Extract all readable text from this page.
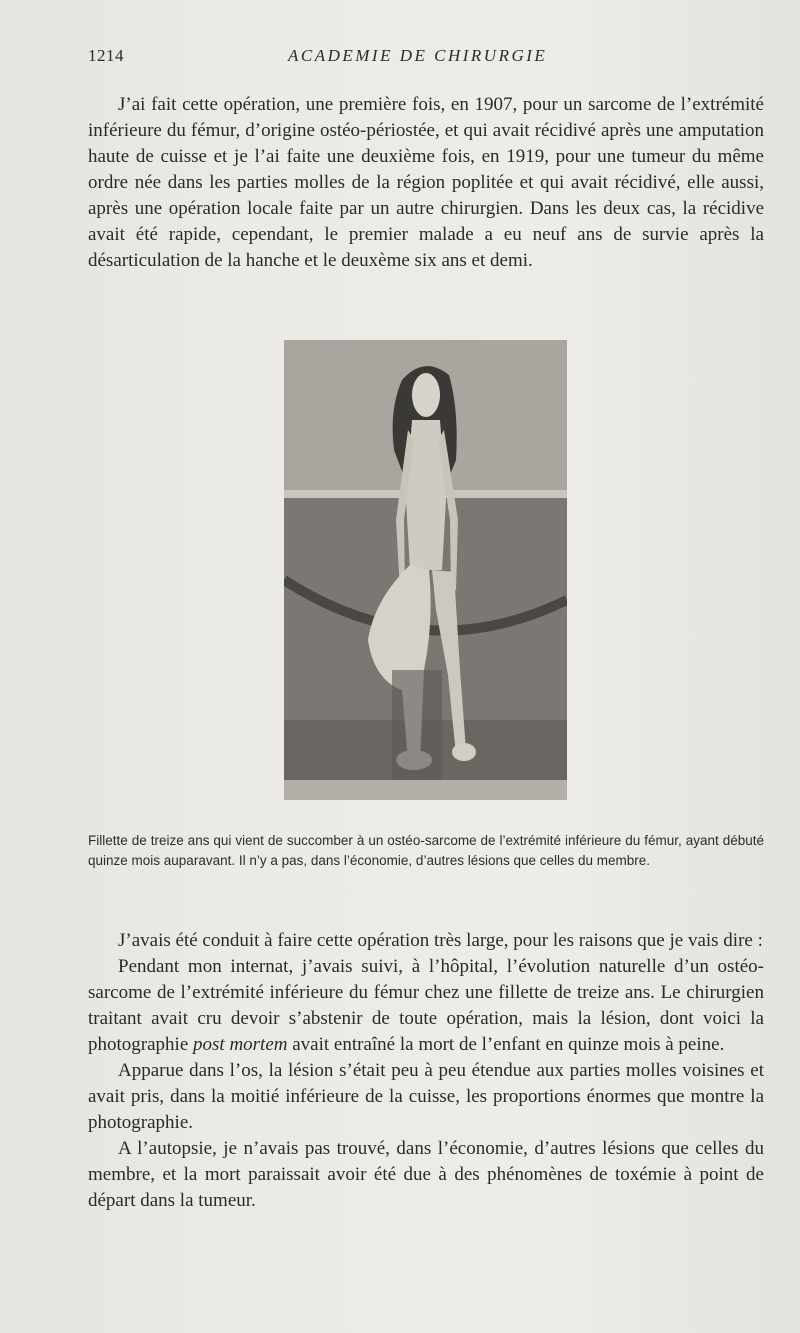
1214	ACADEMIE DE CHIRURGIE

J’ai fait cette opération, une première fois, en 1907, pour un sarcome de l’extrémité inférieure du fémur, d’origine ostéo-périostée, et qui avait récidivé après une amputation haute de cuisse et je l’ai faite une deuxième fois, en 1919, pour une tumeur du même ordre née dans les parties molles de la région poplitée et qui avait récidivé, elle aussi, après une opération locale faite par un autre chirurgien. Dans les deux cas, la récidive avait été rapide, cependant, le premier malade a eu neuf ans de survie après la désarticulation de la hanche et le deuxème six ans et demi.

Fillette de treize ans qui vient de succomber à un ostéo-sarcome de l’extrémité inférieure du fémur, ayant débuté quinze mois auparavant. Il n’y a pas, dans l’économie, d’autres lésions que celles du membre.

J’avais été conduit à faire cette opération très large, pour les raisons que je vais dire :

Pendant mon internat, j’avais suivi, à l’hôpital, l’évolution naturelle d’un ostéo-sarcome de l’extrémité inférieure du fémur chez une fillette de treize ans. Le chirurgien traitant avait cru devoir s’abstenir de toute opération, mais la lésion, dont voici la photographie post mortem avait entraîné la mort de l’enfant en quinze mois à peine.

Apparue dans l’os, la lésion s’était peu à peu étendue aux parties molles voisines et avait pris, dans la moitié inférieure de la cuisse, les proportions énormes que montre la photographie.

A l’autopsie, je n’avais pas trouvé, dans l’économie, d’autres lésions que celles du membre, et la mort paraissait avoir été due à des phénomènes de toxémie à point de départ dans la tumeur.
